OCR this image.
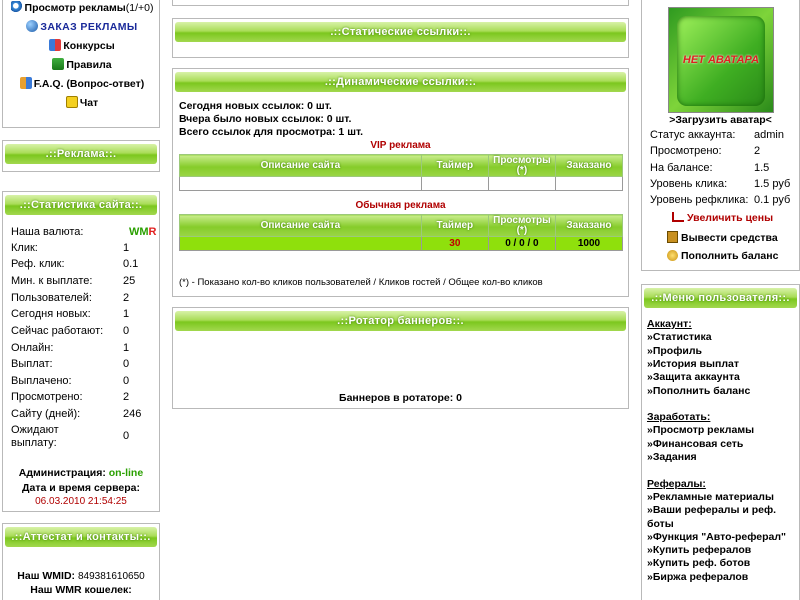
Просмотр рекламы(1/+0)
ЗАКАЗ РЕКЛАМЫ
Конкурсы
Правила
F.A.Q. (Вопрос-ответ)
Чат
.::Реклама::.
.::Статистика сайта::.
Наша валюта:	WMR
Клик:	1
Реф. клик:	0.1
Мин. к выплате:	25
Пользователей:	2
Сегодня новых:	1
Сейчас работают:	0
Онлайн:	1
Выплат:	0
Выплачено:	0
Просмотрено:	2
Сайту (дней):	246
Ожидают выплату:
0
Администрация: on-line
Дата и время сервера:
06.03.2010 21:54:25
.::Аттестат и контакты::.
Наш WMID: 849381610650
Наш WMR кошелек:
.::Статические ссылки::.
.::Динамические ссылки::.
Сегодня новых ссылок: 0 шт.
Вчера было новых ссылок: 0 шт.
Всего ссылок для просмотра: 1 шт.
VIP реклама
Описание сайта	Таймер	Просмотры (*)	Заказано

Обычная реклама
Описание сайта	Таймер	Просмотры (*)	Заказано
	30	0 / 0 / 0	1000
(*) - Показано кол-во кликов пользователей / Кликов гостей / Общее кол-во кликов
.::Ротатор баннеров::.
Баннеров в ротаторе: 0
НЕТ АВАТАРА
>Загрузить аватар<
Статус аккаунта: admin
Просмотрено:	2
На балансе:	1.5
Уровень клика: 1.5 руб
Уровень рефклика: 0.1 руб
Увеличить цены
Вывести средства
Пополнить баланс
.::Меню пользователя::.
Аккаунт:
»Статистика
»Профиль
»История выплат
»Защита аккаунта
»Пополнить баланс
Заработать:
»Просмотр рекламы
»Финансовая сеть
»Задания
Рефералы:
»Рекламные материалы
»Ваши рефералы и реф.
боты
»Функция "Авто-реферал"
»Купить рефералов
»Купить реф. ботов
»Биржа рефералов
